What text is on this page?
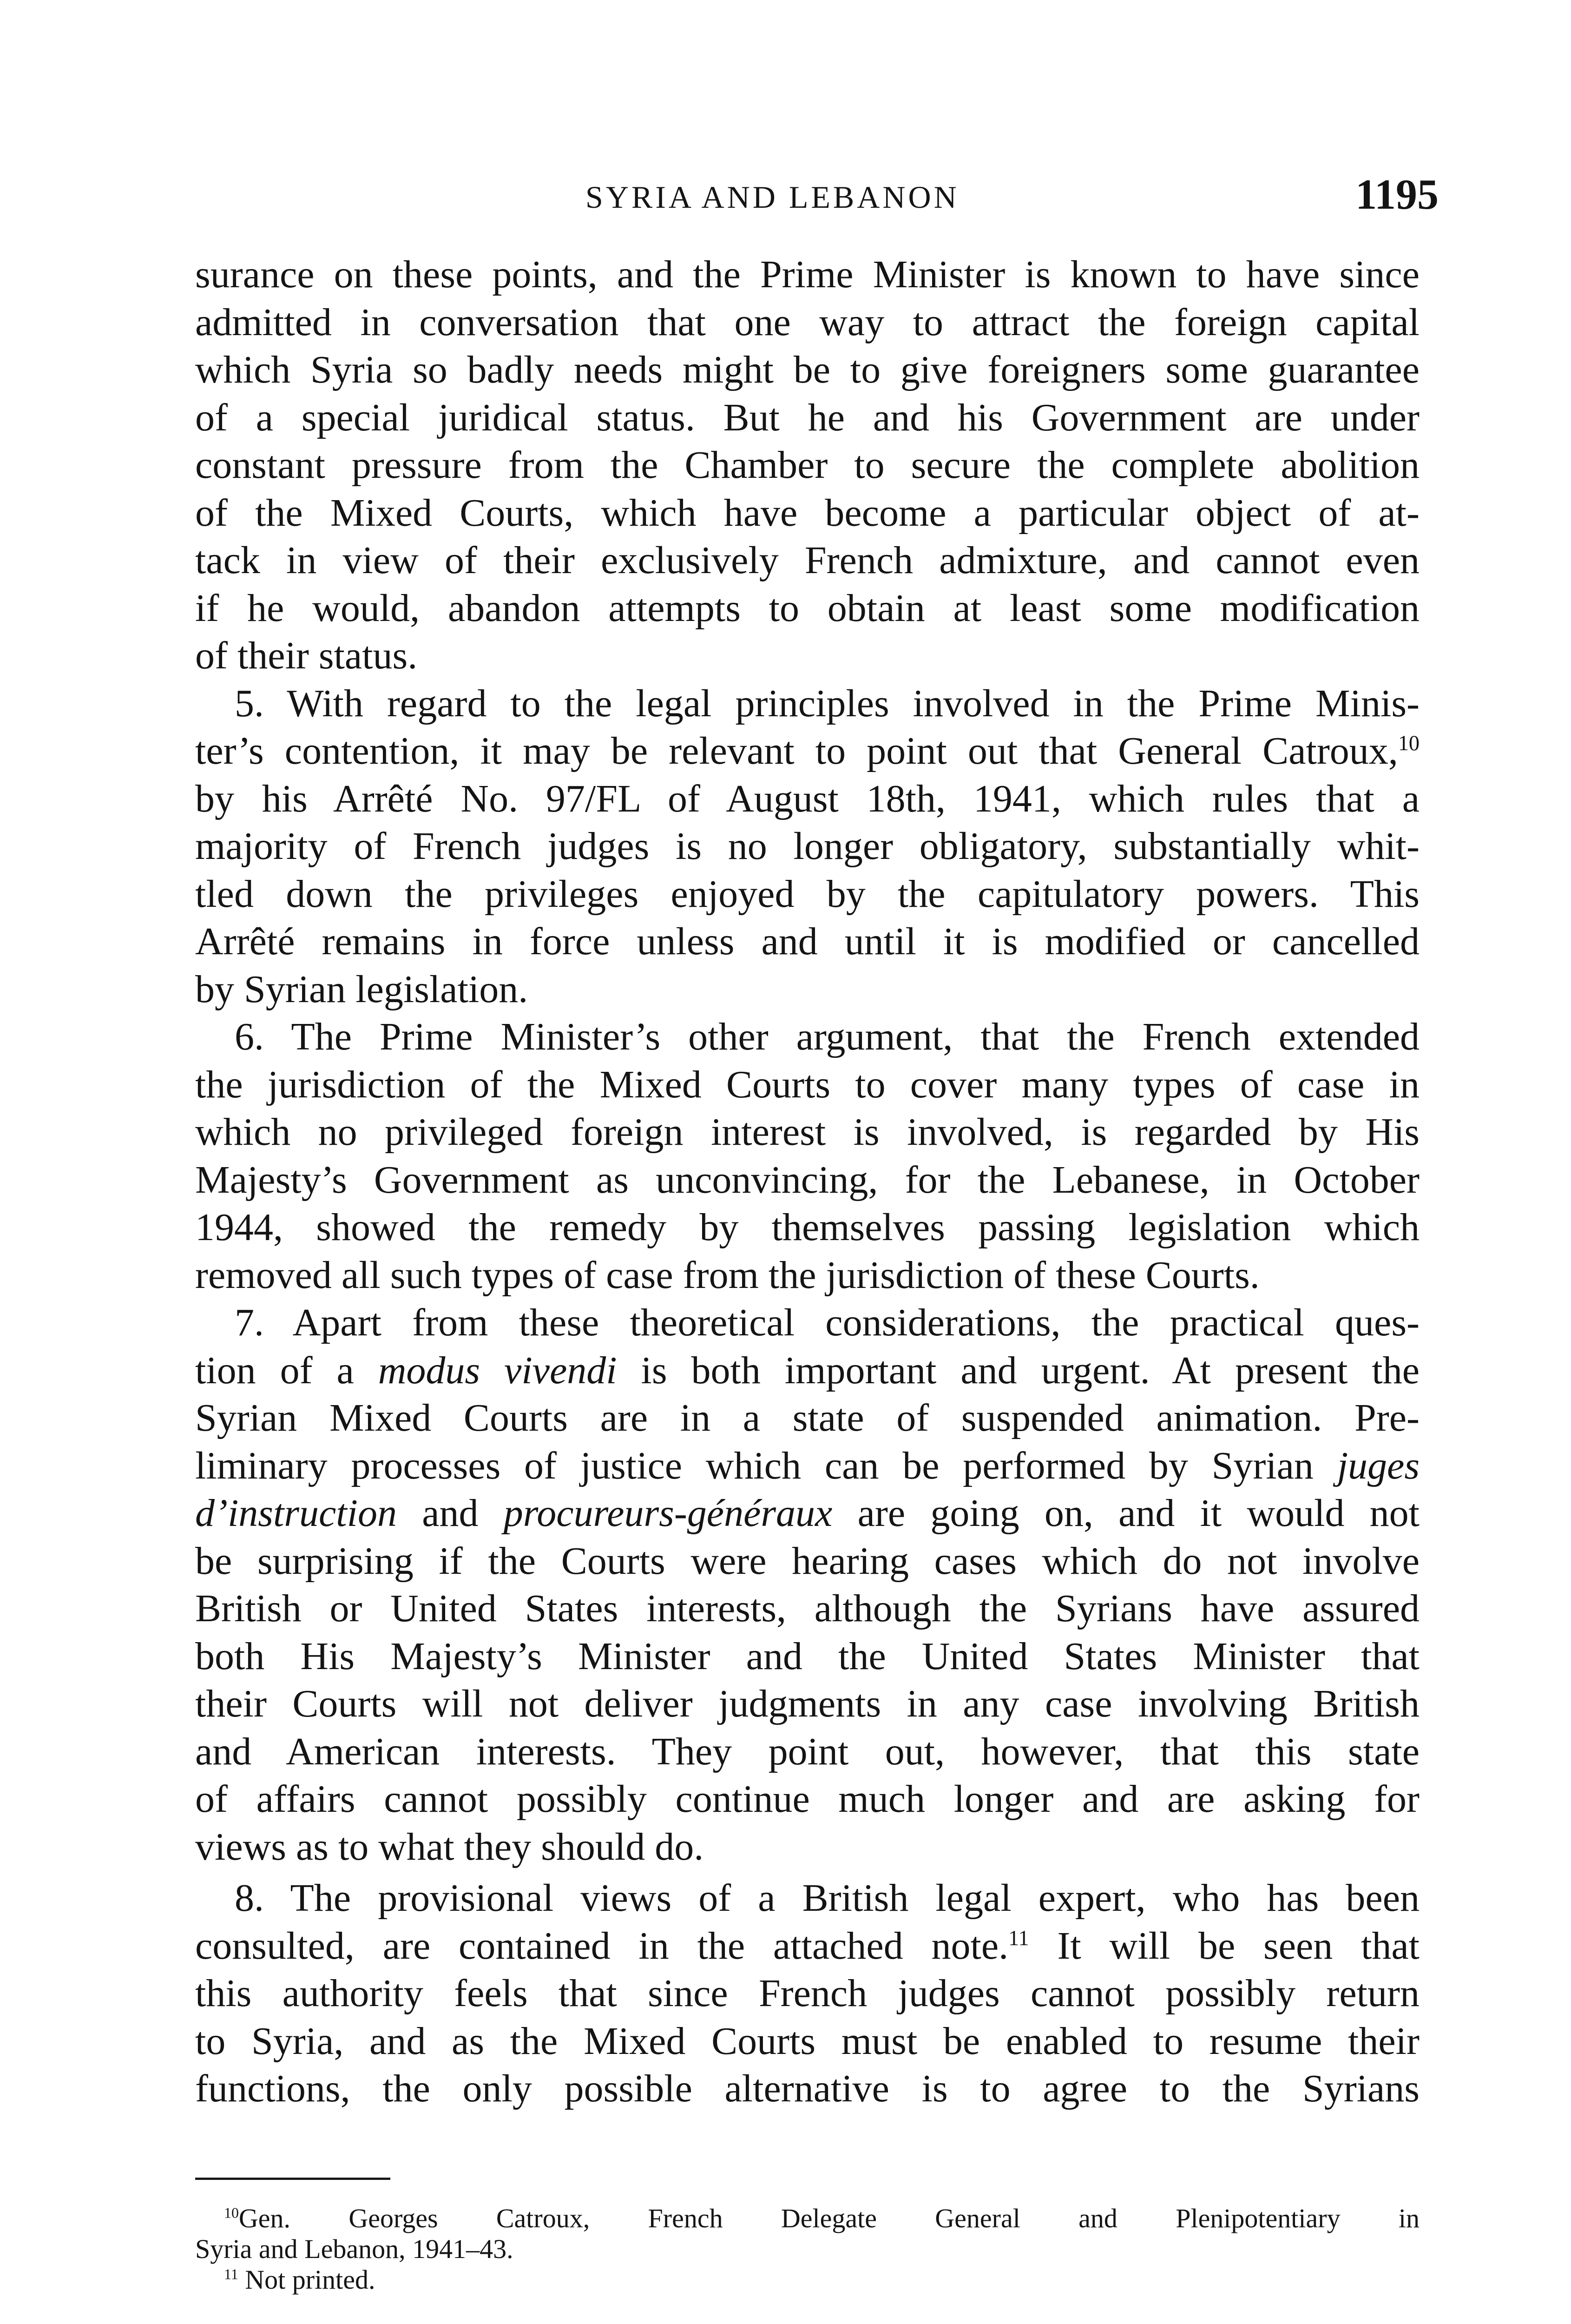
SYRIA AND LEBANON	1195
surance on these points, and the Prime Minister is known to have since
admitted in conversation that one way to attract the foreign capital
which Syria so badly needs might be to give foreigners some guarantee
of a special juridical status. But he and his Government are under
constant pressure from the Chamber to secure the complete abolition
of the Mixed Courts, which have become a particular object of at-
tack in view of their exclusively French admixture, and cannot even
if he would, abandon attempts to obtain at least some modification
of their status.
5. With regard to the legal principles involved in the Prime Minis-
ter’s contention, it may be relevant to point out that General Catroux,$^{10}$
by his Arrêté No. 97/FL of August 18th, 1941, which rules that a
majority of French judges is no longer obligatory, substantially whit-
tled down the privileges enjoyed by the capitulatory powers. This
Arrêté remains in force unless and until it is modified or cancelled
by Syrian legislation.
6. The Prime Minister’s other argument, that the French extended
the jurisdiction of the Mixed Courts to cover many types of case in
which no privileged foreign interest is involved, is regarded by His
Majesty’s Government as unconvincing, for the Lebanese, in October
1944, showed the remedy by themselves passing legislation which
removed all such types of case from the jurisdiction of these Courts.
7. Apart from these theoretical considerations, the practical ques-
tion of a modus vivendi is both important and urgent. At present the
Syrian Mixed Courts are in a state of suspended animation. Pre-
liminary processes of justice which can be performed by Syrian juges
d’instruction and procureurs-généraux are going on, and it would not
be surprising if the Courts were hearing cases which do not involve
British or United States interests, although the Syrians have assured
both His Majesty’s Minister and the United States Minister that
their Courts will not deliver judgments in any case involving British
and American interests. They point out, however, that this state
of affairs cannot possibly continue much longer and are asking for
views as to what they should do.
8. The provisional views of a British legal expert, who has been
consulted, are contained in the attached note.$^{11}$ It will be seen that
this authority feels that since French judges cannot possibly return
to Syria, and as the Mixed Courts must be enabled to resume their
functions, the only possible alternative is to agree to the Syrians
$^{10}$Gen. Georges Catroux, French Delegate General and Plenipotentiary in
Syria and Lebanon, 1941–43.
$^{11}$ Not printed.
